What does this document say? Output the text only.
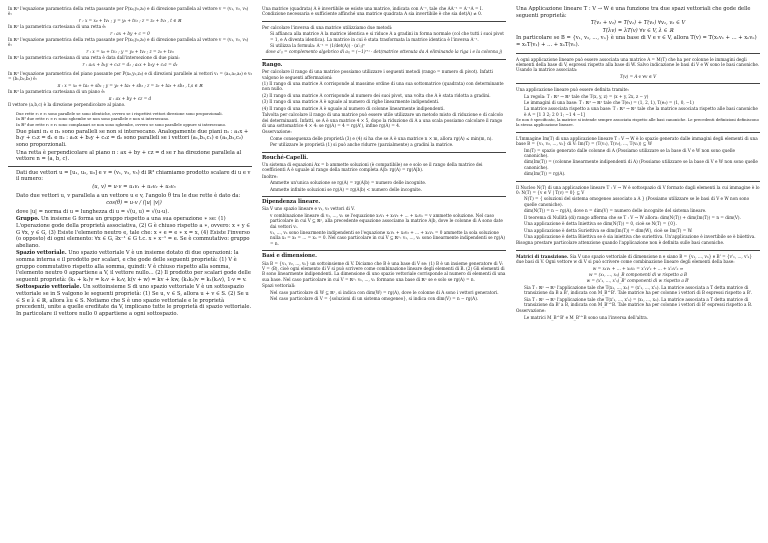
In ℝ³ l'equazione parametrica della retta passante per P(x₀,y₀,z₀) e di direzione parallela al vettore v = (v₁, v₂, v₃) è:

r : x = x₀ + tv₁ ; y = y₀ + tv₂ ; z = z₀ + tv₃ , t ∈ ℝ

In ℝ² la parametrica cartesiana di una retta è:

r : ax + by + c = 0

In ℝ³ l'equazione parametrica della retta passante per P(x₀,y₀,z₀) e di direzione parallela al vettore v = (v₁, v₂, v₃) è:

r : x = x₀ + tv₁ ; y = y₀ + tv₂ ; z = z₀ + tv₃

In ℝ³ la parametrica cartesiana di una retta è data dall'intersezione di due piani:

r : a₁x + b₁y + c₁z = d₁ ; a₂x + b₂y + c₂z = d₂

In ℝ³ l'equazione parametrica del piano passante per P(x₀,y₀,z₀) e di direzioni parallele ai vettori v₁ = (a₁,a₂,a₃) e v₂ = (b₁,b₂,b₃) è:

π : x = x₀ + ta₁ + sb₁ ; y = y₀ + ta₂ + sb₂ ; z = z₀ + ta₃ + sb₃ , t,s ∈ ℝ

In ℝ³ la parametrica cartesiana di un piano è:

π : ax + by + cz = d

Il vettore (a,b,c) è la direzione perpendicolare al piano.

• Due rette r₁ e r₂ sono parallele se sono identiche, ovvero se i rispettivi vettori direzione sono proporzionali.
• In ℝ³ due rette r₁ e r₂ sono sghembe se non sono parallele e non si intersecano.
• In ℝ³ due rette r₁ e r₂ sono complanari se non sono sghembe, ovvero se sono parallele oppure si intersecano.
• Due piani π₁ e π₂ sono paralleli se non si intersecano. Analogamente due piani π₁ : a₁x + b₁y + c₁z = d₁ e π₂ : a₂x + b₂y + c₂z = d₂ sono paralleli se i vettori (a₁,b₁,c₁) e (a₂,b₂,c₂) sono proporzionali.
• Una retta è perpendicolare al piano π : ax + by + cz = d se r ha direzione parallela al vettore n = (a, b, c).
• Dati due vettori u = [u₁, u₂, u₃] e v = (v₁, v₂, v₃) di ℝ³ chiamiamo prodotto scalare di u e v il numero:
(u, v) = u·v = u₁v₁ + u₂v₂ + u₃v₃
• Dato due vettori u, v parallela a un vettore u e v, l'angolo θ tra le due rette è dato da:
cos(θ) = u·v / (|u| |v|)
dove |u| = norma di u = lunghezza di u = √(u, u) = √(u·u).
• Gruppo. Un insieme G forma un gruppo rispetto a una sua operazione ∗ se: (1) L'operazione gode della proprietà associativa, (2) G è chiuso rispetto a ∗, ovvero: x ∗ y ∈ G ∀x, y ∈ G, (3) Esiste l'elemento neutro e, tale che: x ∗ e = e ∗ x = x, (4) Esiste l'inverso (o opposto) di ogni elemento: ∀x ∈ G, ∃x⁻¹ ∈ G t.c. x ∗ x⁻¹ = e. Se è commutativo: gruppo abeliano.
• Spazio vettoriale. Uno spazio vettoriale V è un insieme dotato di due operazioni: la somma interna e il prodotto per scalari, e che gode delle seguenti proprietà: (1) V è gruppo commutativo rispetto alla somma, quindi: V è chiuso rispetto alla somma, l'elemento neutro 0 appartiene a V, il vettore nullo... (2) Il prodotto per scalari gode delle seguenti proprietà: (k₁ + k₂)v = k₁v + k₂v, k(v + w) = kv + kw, (k₁k₂)v = k₁(k₂v), 1·v = v.
• Sottospazio vettoriale. Un sottoinsieme S di uno spazio vettoriale V è un sottospazio vettoriale se in S valgono le seguenti proprietà: (1) Se u, v ∈ S, allora u + v ∈ S. (2) Se u ∈ S e λ ∈ ℝ, allora λu ∈ S. Notiamo che S è uno spazio vettoriale e le proprietà precedenti, unite a quelle ereditate da V, implicano tutte le proprietà di spazio vettoriale. In particolare il vettore nullo 0 appartiene a ogni sottospazio.

Una matrice (quadrata) A è invertibile se esiste una matrice, indicata con A⁻¹, tale che AA⁻¹ = A⁻¹A = I. Condizione necessaria e sufficiente affinché una matrice quadrata A sia invertibile è che sia det(A) ≠ 0.

Per calcolare l'inversa di una matrice utilizziamo due metodi:

• Si affianca alla matrice A la matrice identica e si riduce A a gradini in forma normale (col che tutti i suoi pivot = 1, e A diventa identica). La matrice in cui è stata trasformata la matrice identica è l'inversa A⁻¹.
• Si utilizza la formula: A⁻¹ = (1/det(A)) · (a'ᵢⱼ)ᵀ

dove a'ᵢⱼ = complemento algebrico di aᵢⱼ = (−1)ⁱ⁺ʲ · det(matrice ottenuta da A eliminando la riga i e la colonna j)

Rango.

Per calcolare il rango di una matrice possiamo utilizzare i seguenti metodi (rango = numero di pivot). Infatti valgono le seguenti affermazioni:

(1) Il rango di una matrice A corrisponde al massimo ordine di una sua sottomatrice (quadrata) con determinante non nullo.

(2) Il rango di una matrice A corrisponde al numero dei suoi pivot, una volta che A è stata ridotta a gradini.

(3) Il rango di una matrice A è uguale al numero di righe linearmente indipendenti.

(4) Il rango di una matrice A è uguale al numero di colonne linearmente indipendenti.

Talvolta per calcolare il rango di una matrice può essere utile utilizzare un metodo misto di riduzione e di calcolo dei determinanti. Infatti, se A è una matrice 4 × 5, dopo la riduzione di A a una scala possiamo calcolare il rango di una sottomatrice 4 × 4: se rg(A) = 4 = rg(A'), infine rg(A) = 4.

Osservazione:

• Come conseguenza delle proprietà (3) e (4) si ha che se A è una matrice n × m, allora rg(A) ≤ min(m, n).
• Per utilizzare le proprietà (1) si può anche ridurre (parzialmente) a gradini la matrice.

Rouché-Capelli.

Un sistema di equazioni Ax = b ammette soluzioni (è compatibile) se e solo se il rango della matrice dei coefficienti A è uguale al rango della matrice completa A|b: rg(A) = rg(A|b).

Inoltre:

• Ammette un'unica soluzione se rg(A) = rg(A|b) = numero delle incognite.
• Ammette infinite soluzioni se rg(A) = rg(A|b) < numero delle incognite.

Dipendenza lineare.

Sia V uno spazio lineare e v₁, v₂ vettori di V.

• v combinazione lineare di v₁, ..., vₙ se l'equazione x₁v₁ + x₂v₂ + ... + xₙvₙ = v ammette soluzione. Nel caso particolare in cui V ⊆ ℝⁿ, alla precedente equazione associamo la matrice A|b, dove le colonne di A sono date dai vettori vᵢ.
• v₁, ..., vₙ sono linearmente indipendenti se l'equazione x₁v₁ + x₂v₂ + ... + xₙvₙ = 0 ammette la sola soluzione nulla x₁ = x₂ = ... = xₙ = 0. Nel caso particolare in cui V ⊆ ℝⁿ: v₁, ..., vₙ sono linearmente indipendenti se rg(A) = n.

Basi e dimensione.

Sia B = {v₁, v₂, ..., vₙ} un sottoinsieme di V. Diciamo che B è una base di V se: (1) B è un insieme generatore di V: V = ⟨B⟩, cioè ogni elemento di V si può scrivere come combinazione lineare degli elementi di B. (2) Gli elementi di B sono linearmente indipendenti. La dimensione di uno spazio vettoriale corrisponde al numero di elementi di una sua base. Nel caso particolare in cui V = ℝⁿ: v₁, ..., vₙ formano una base di ℝⁿ se e solo se rg(A) = n.

Spazi vettoriali:

• Nel caso particolare di W ⊆ ℝⁿ, si indica con dim(W) = rg(A), dove le colonne di A sono i vettori generatori.
• Nel caso particolare di V = {soluzioni di un sistema omogeneo}, si indica con dim(V) = n − rg(A).

Una Applicazione lineare T : V → W è una funzione tra due spazi vettoriali che gode delle seguenti proprietà:

T(v₁ + v₂) = T(v₁) + T(v₂) ∀v₁, v₂ ∈ V

T(λv) = λT(v) ∀v ∈ V, λ ∈ ℝ

In particolare se B = {v₁, v₂, ..., vₙ} è una base di V e v ∈ V, allora T(v) = T(x₁v₁ + ... + xₙvₙ) = x₁T(v₁) + ... + xₙT(vₙ).

A ogni applicazione lineare può essere associata una matrice A = M(T) che ha per colonne le immagini degli elementi della base di V, espressi rispetto alla base di W. Salvo indicazione le basi di V e W sono le basi canoniche. Usando la matrice associata:

T(v) = A·v ∀v ∈ V

Una applicazione lineare può essere definita tramite:

• La regola: T : ℝ³ → ℝ² tale che T(x, y, z) = (x + y, 2x, z − y)
• Le immagini di una base: T : ℝ³ → ℝ² tale che T(e₁) = (1, 2, 1), T(e₂) = (1, 0, −1)
• La matrice associata rispetto a una base: T : ℝ³ → ℝ² tale che la matrice associata rispetto alle basi canoniche è A = [1 3 2; 2 0 1; −1 4 −1]

Se non è specificato, la matrice si intende sempre associata rispetto alle basi canoniche. Le precedenti definizioni definiscono la stessa applicazione lineare.

L'Immagine Im(T) di una applicazione lineare T : V → W è lo spazio generato dalle immagini degli elementi di una base B = {v₁, v₂, ..., vₙ} di V: Im(T) = ⟨T(v₁), T(v₂), ..., T(vₙ)⟩ ⊆ W

• Im(T) = spazio generato dalle colonne di A (Possiamo utilizzare se la base di V e W non sono quelle canoniche).
• dim(Im(T)) = (colonne linearmente indipendenti di A) (Possiamo utilizzare se la base di V e W non sono quelle canoniche).
• dim(Im(T)) = rg(A).

Il Nucleo N(T) di una applicazione lineare T : V → W è sottospazio di V formato dagli elementi la cui immagine è lo 0: N(T) = {v ∈ V | T(v) = 0} ⊆ V

• N(T) = { soluzioni del sistema omogeneo associato a A } (Possiamo utilizzare se le basi di V e W non sono quelle canoniche).
• dim(N(T)) = n − rg(A), dove n = dim(V) = numero delle incognite del sistema lineare.
• Il teorema di Nullità (di) rango afferma che se T : V → W allora: dim(N(T)) + dim(Im(T)) = n = dim(V).
• Una applicazione è detta Iniettiva se dim(N(T)) = 0, cioè se N(T) = {0}.
• Una applicazione è detta Suriettiva se dim(Im(T)) = dim(W), cioè se Im(T) = W.
• Una applicazione è detta Biiettiva se è sia iniettiva che suriettiva. Un'applicazione è invertibile se è biiettiva.

Bisogna prestare particolare attenzione quando l'applicazione non è definita sulle basi canoniche.

Matrici di transizione. Sia V uno spazio vettoriale di dimensione n e siano B = {v₁, ..., vₙ} e B' = {v'₁, ..., v'ₙ} due basi di V. Ogni vettore w di V si può scrivere come combinazione lineare degli elementi della base:

w = x₁v₁ + ... + xₙvₙ = x'₁v'₁ + ... + x'ₙv'ₙ ⇒

w = (x₁, ..., xₙ)_B componenti di w rispetto a B

w = (x'₁, ..., x'ₙ)_B' componenti di w rispetto a B'

• Sia T : ℝⁿ → ℝⁿ l'applicazione tale che T(x₁, ..., xₙ) = (x'₁, ..., x'ₙ). La matrice associata a T detta matrice di transizione da B a B', indicata con M_B^B'. Tale matrice ha per colonne i vettori di B espressi rispetto a B'.
• Sia T : ℝⁿ → ℝⁿ l'applicazione tale che T(x'₁, ..., x'ₙ) = (x₁, ..., xₙ). La matrice associata a T detta matrice di transizione da B' a B, indicata con M_B'^B. Tale matrice ha per colonne i vettori di B' espressi rispetto a B.

Osservazione:

• Le matrici M_B^B' e M_B'^B sono una l'inversa dell'altra.
